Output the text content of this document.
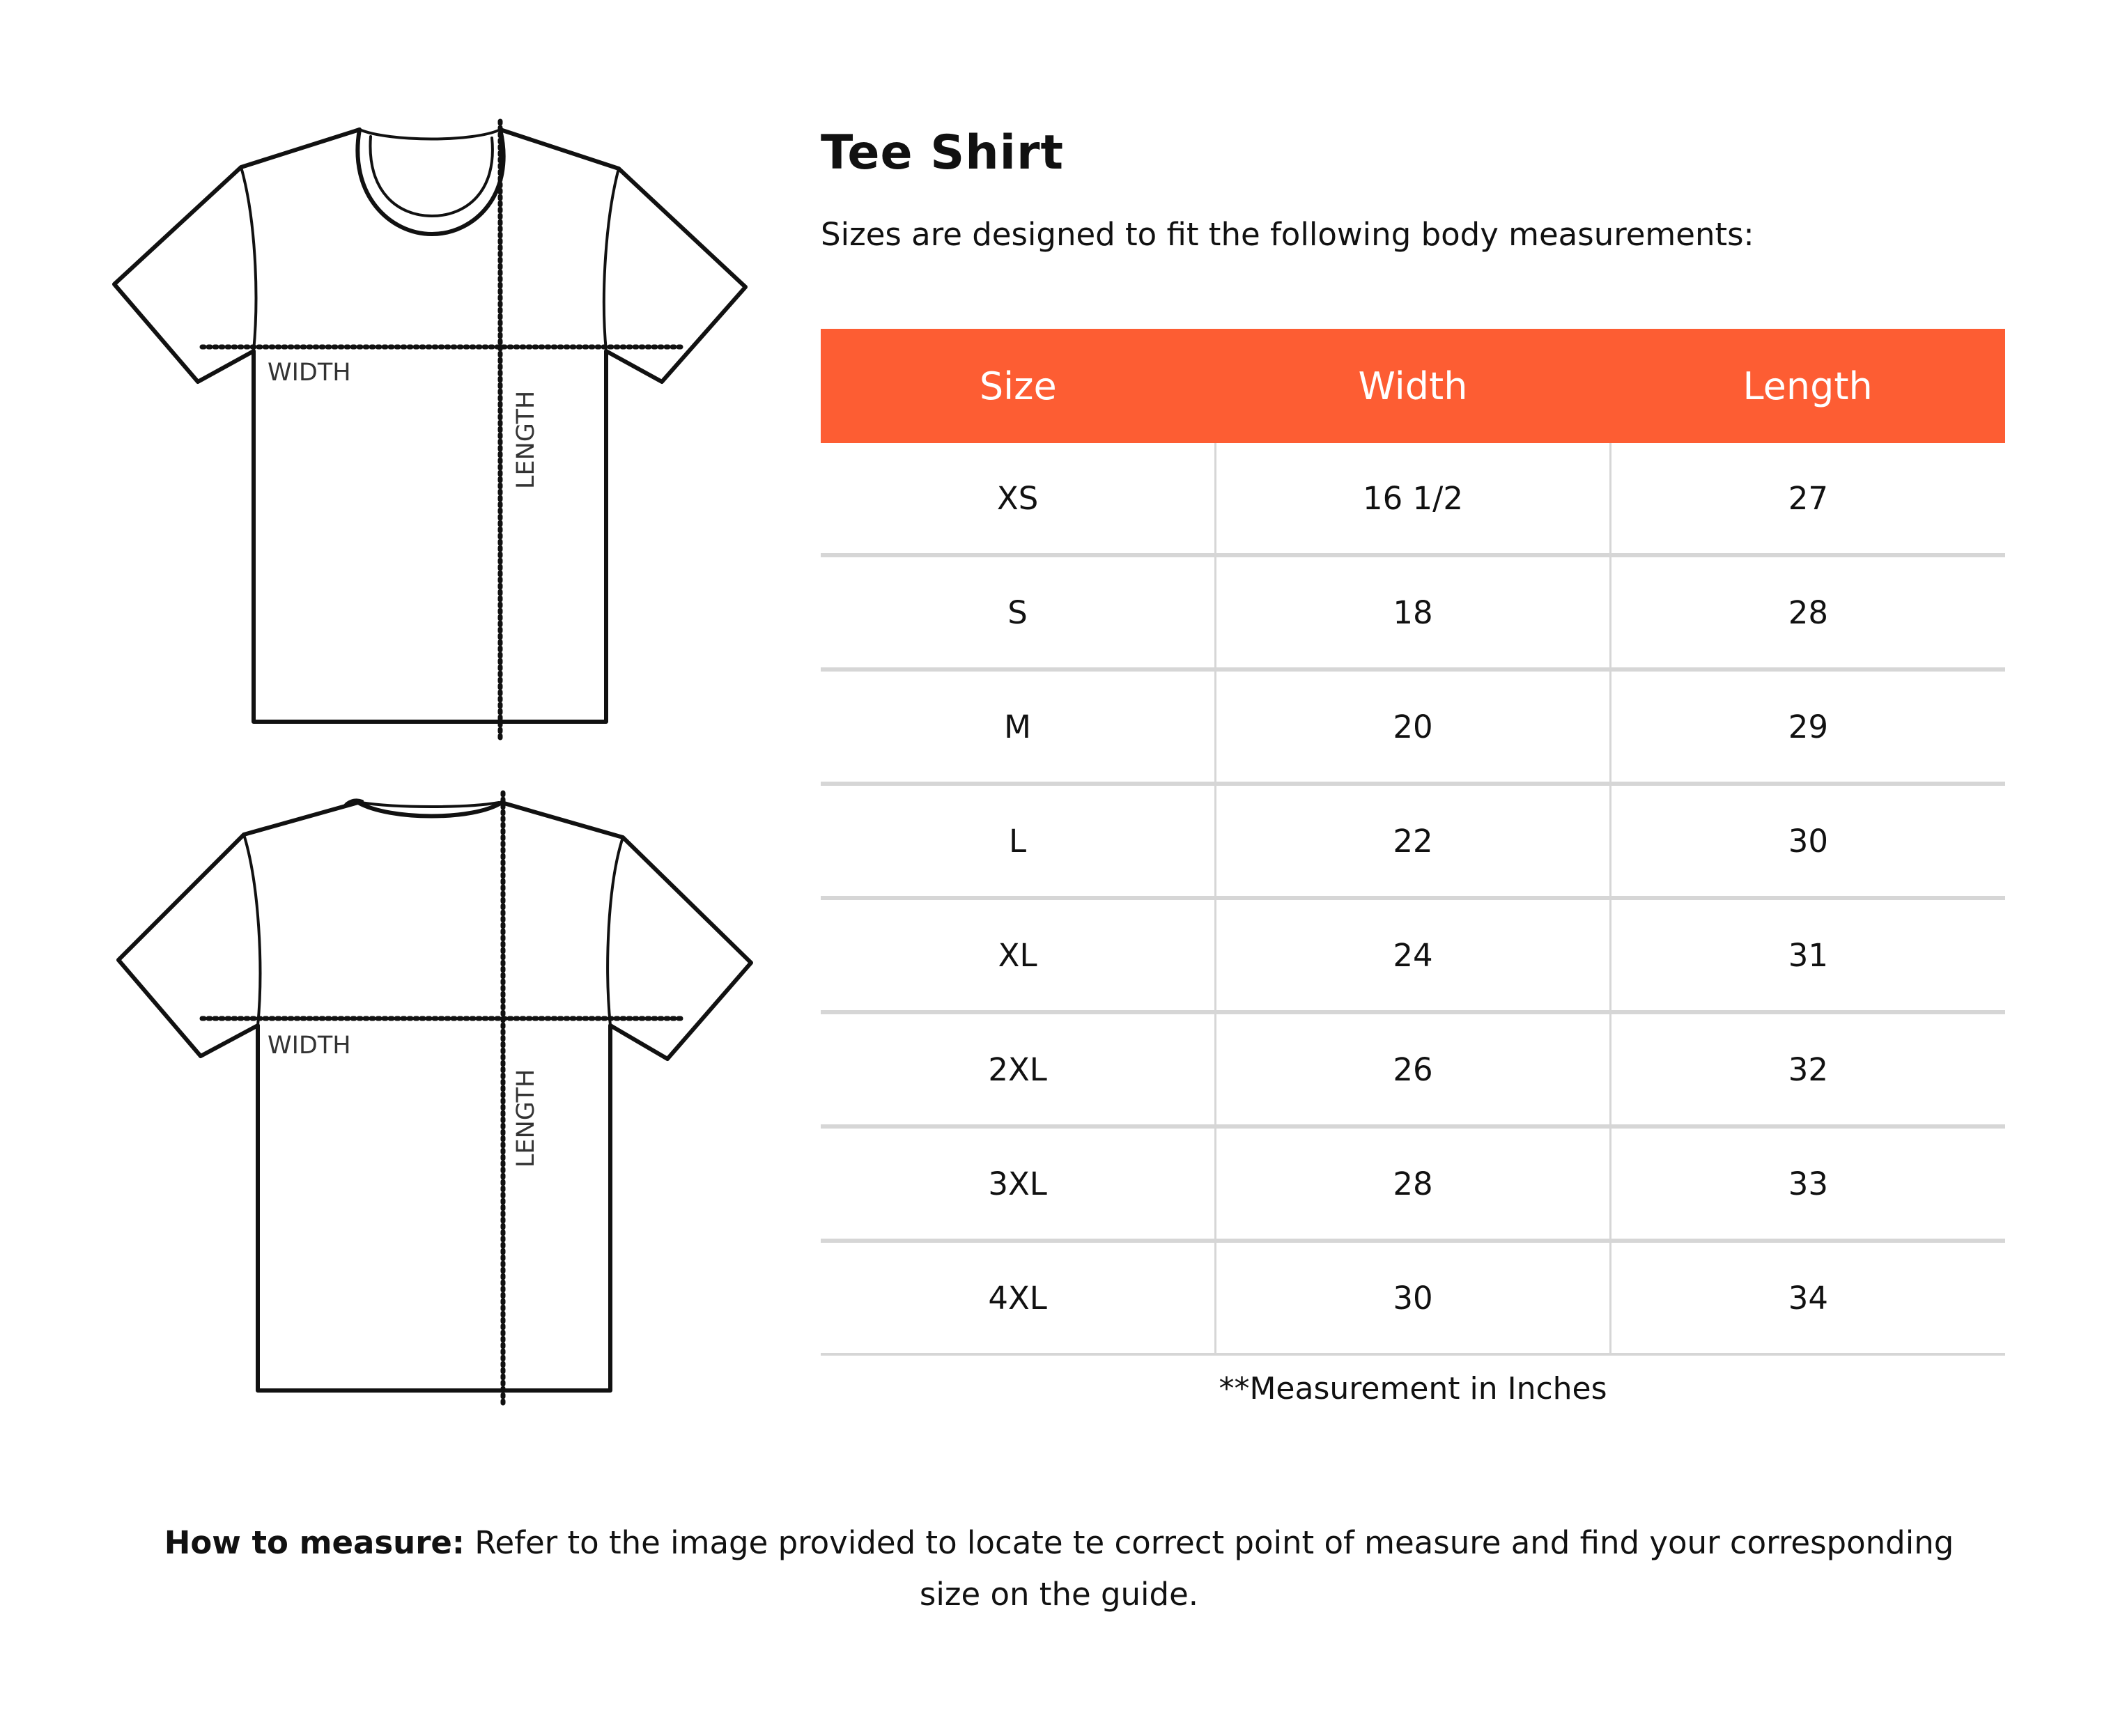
WIDTH
LENGTH
WIDTH
LENGTH
Tee Shirt
Sizes are designed to fit the following body measurements:
Size	Width	Length
XS	16 1/2	27
S	18	28
M	20	29
L	22	30
XL	24	31
2XL	26	32
3XL	28	33
4XL	30	34
**Measurement in Inches
How to measure: Refer to the image provided to locate te correct point of measure and find your corresponding size on the guide.
